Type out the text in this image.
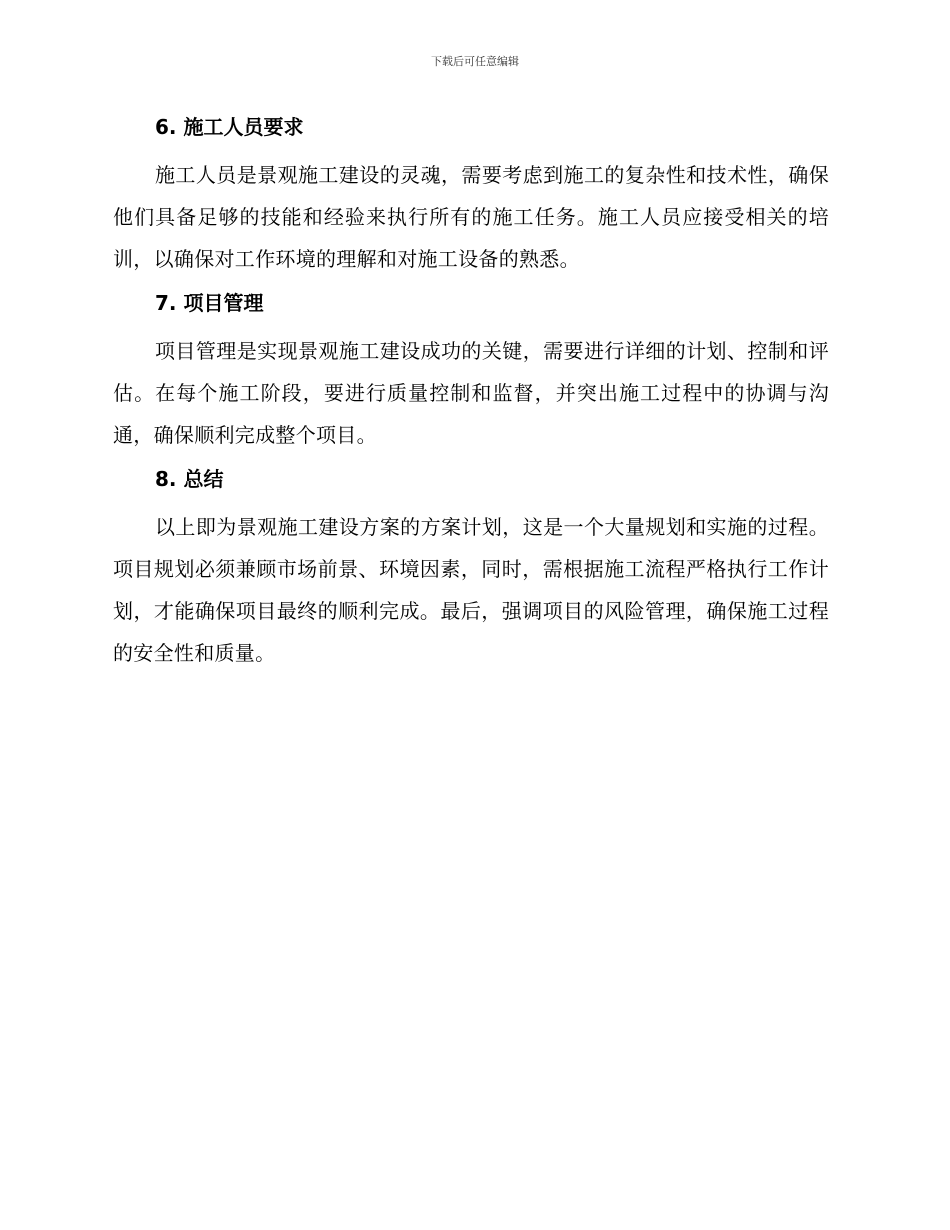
下载后可任意编辑
6. 施工人员要求

施工人员是景观施工建设的灵魂，需要考虑到施工的复杂性和技术性，确保他们具备足够的技能和经验来执行所有的施工任务。施工人员应接受相关的培训，以确保对工作环境的理解和对施工设备的熟悉。

7. 项目管理

项目管理是实现景观施工建设成功的关键，需要进行详细的计划、控制和评估。在每个施工阶段，要进行质量控制和监督，并突出施工过程中的协调与沟通，确保顺利完成整个项目。

8. 总结

以上即为景观施工建设方案的方案计划，这是一个大量规划和实施的过程。项目规划必须兼顾市场前景、环境因素，同时，需根据施工流程严格执行工作计划，才能确保项目最终的顺利完成。最后，强调项目的风险管理，确保施工过程的安全性和质量。
